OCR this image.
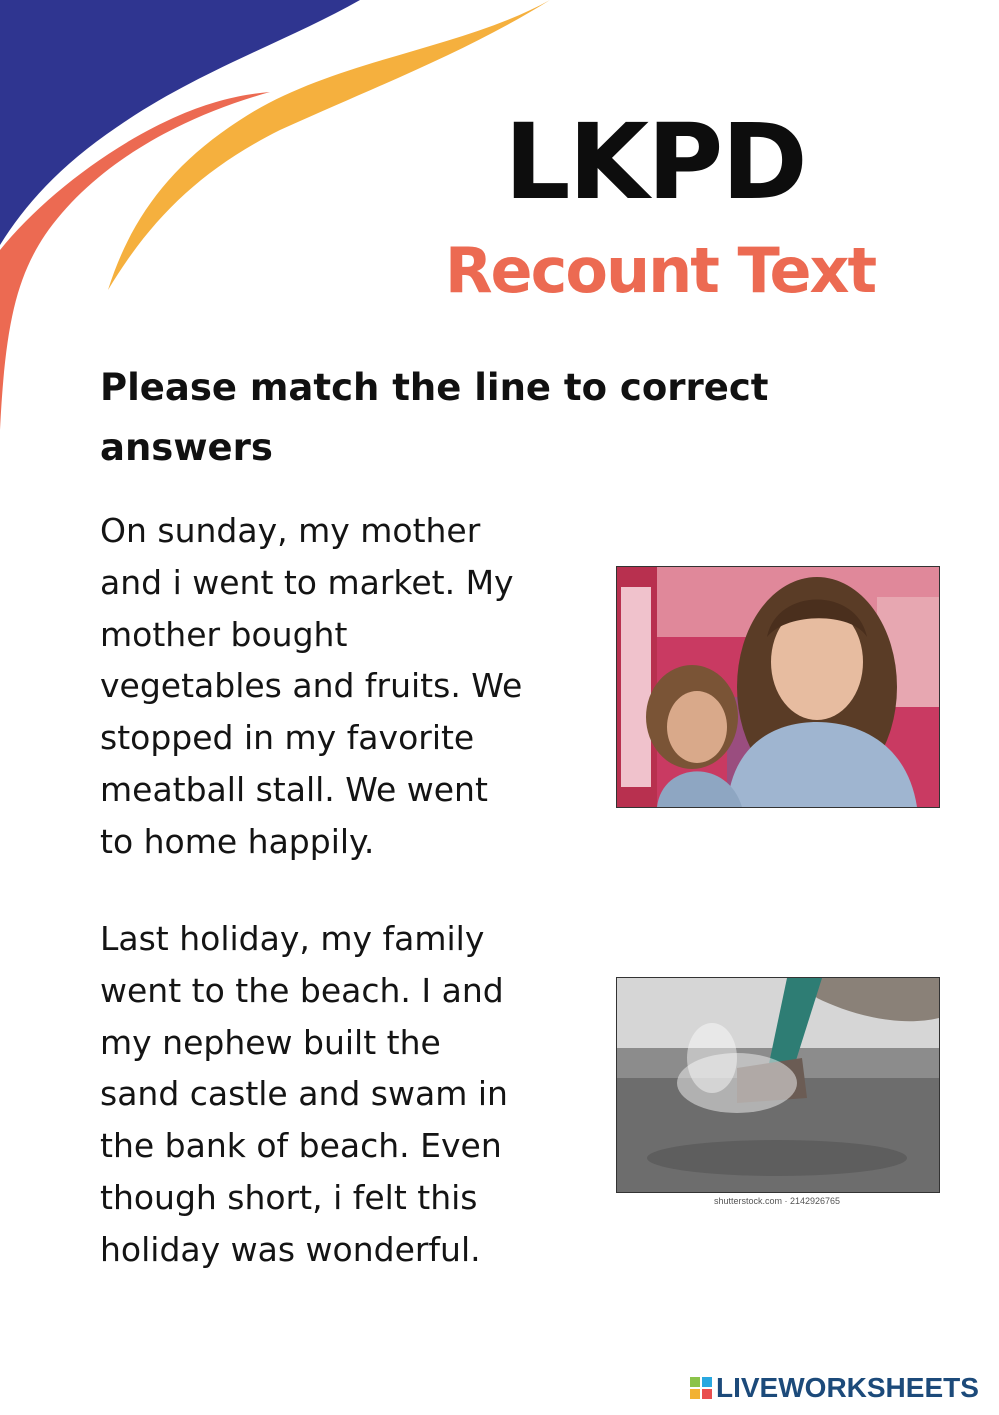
LKPD
Recount Text
Please match the line to correct answers
On sunday, my mother
and i went to market. My
mother bought
vegetables and fruits. We
stopped in my favorite
meatball stall. We went
to home happily.
Last holiday, my family
went to the beach. I and
my nephew built the
sand castle and swam in
the bank of beach. Even
though short, i felt this
holiday was wonderful.
shutterstock.com · 2142926765
LIVEWORKSHEETS
